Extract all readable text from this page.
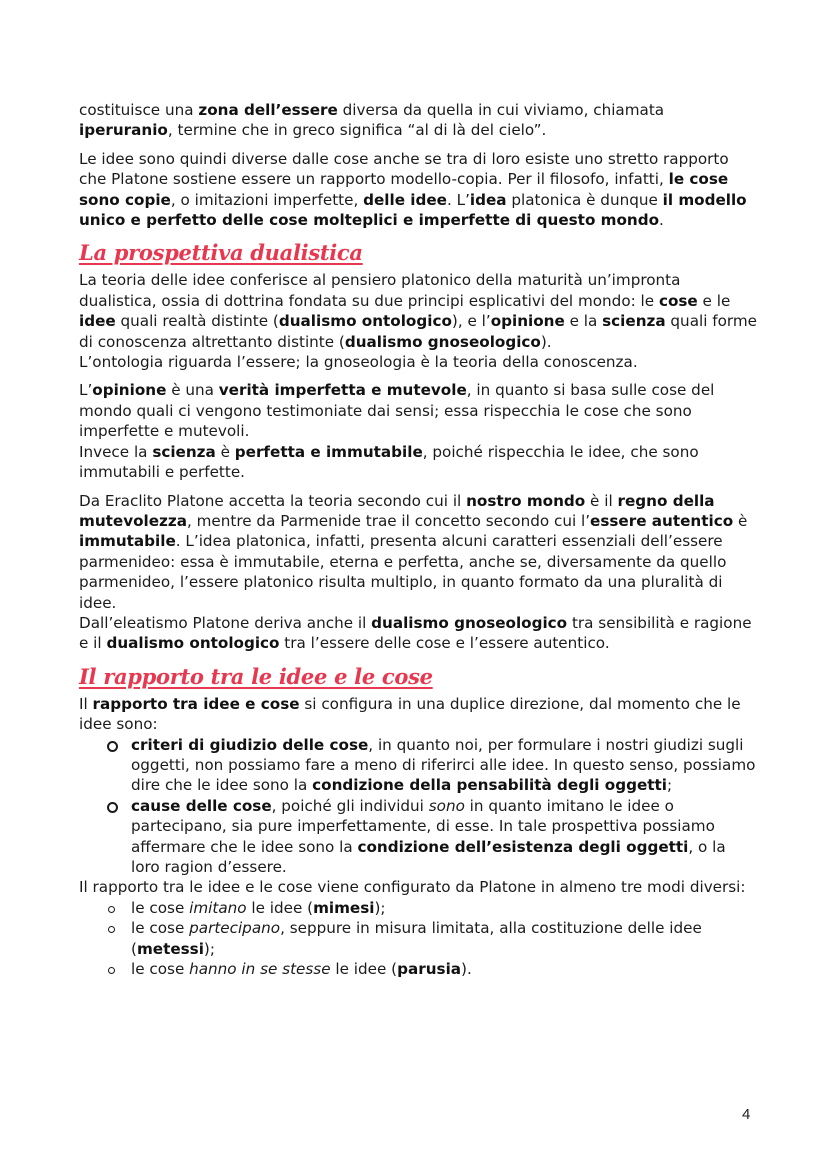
costituisce una zona dell’essere diversa da quella in cui viviamo, chiamata iperuranio, termine che in greco significa “al di là del cielo”.

Le idee sono quindi diverse dalle cose anche se tra di loro esiste uno stretto rapporto che Platone sostiene essere un rapporto modello-copia. Per il filosofo, infatti, le cose sono copie, o imitazioni imperfette, delle idee. L’idea platonica è dunque il modello unico e perfetto delle cose molteplici e imperfette di questo mondo.

La prospettiva dualistica

La teoria delle idee conferisce al pensiero platonico della maturità un’impronta dualistica, ossia di dottrina fondata su due principi esplicativi del mondo: le cose e le idee quali realtà distinte (dualismo ontologico), e l’opinione e la scienza quali forme di conoscenza altrettanto distinte (dualismo gnoseologico).

L’ontologia riguarda l’essere; la gnoseologia è la teoria della conoscenza.

L’opinione è una verità imperfetta e mutevole, in quanto si basa sulle cose del mondo quali ci vengono testimoniate dai sensi; essa rispecchia le cose che sono imperfette e mutevoli.

Invece la scienza è perfetta e immutabile, poiché rispecchia le idee, che sono immutabili e perfette.

Da Eraclito Platone accetta la teoria secondo cui il nostro mondo è il regno della mutevolezza, mentre da Parmenide trae il concetto secondo cui l’essere autentico è immutabile. L’idea platonica, infatti, presenta alcuni caratteri essenziali dell’essere parmenideo: essa è immutabile, eterna e perfetta, anche se, diversamente da quello parmenideo, l’essere platonico risulta multiplo, in quanto formato da una pluralità di idee.

Dall’eleatismo Platone deriva anche il dualismo gnoseologico tra sensibilità e ragione e il dualismo ontologico tra l’essere delle cose e l’essere autentico.

Il rapporto tra le idee e le cose

Il rapporto tra idee e cose si configura in una duplice direzione, dal momento che le idee sono:

criteri di giudizio delle cose, in quanto noi, per formulare i nostri giudizi sugli oggetti, non possiamo fare a meno di riferirci alle idee. In questo senso, possiamo dire che le idee sono la condizione della pensabilità degli oggetti;
cause delle cose, poiché gli individui sono in quanto imitano le idee o partecipano, sia pure imperfettamente, di esse. In tale prospettiva possiamo affermare che le idee sono la condizione dell’esistenza degli oggetti, o la loro ragion d’essere.

Il rapporto tra le idee e le cose viene configurato da Platone in almeno tre modi diversi:

le cose imitano le idee (mimesi);
le cose partecipano, seppure in misura limitata, alla costituzione delle idee (metessi);
le cose hanno in se stesse le idee (parusia).
4
